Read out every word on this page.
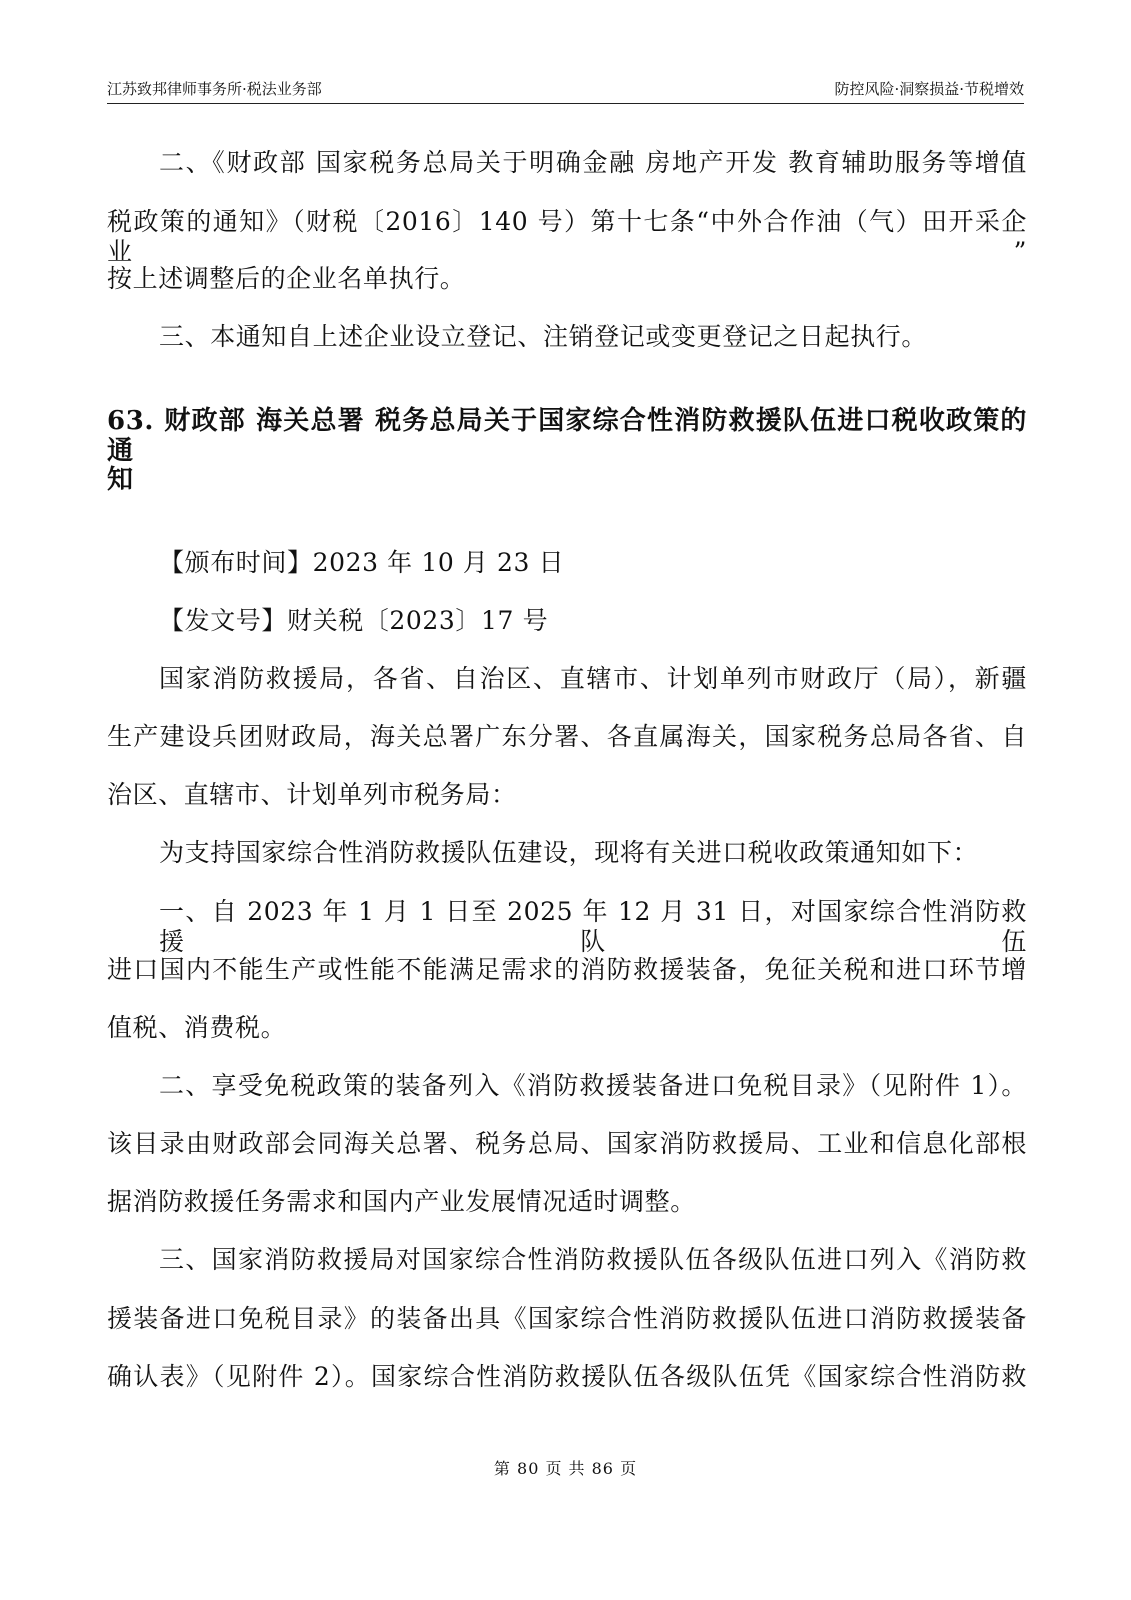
江苏致邦律师事务所·税法业务部	防控风险·洞察损益·节税增效
二、《财政部 国家税务总局关于明确金融 房地产开发 教育辅助服务等增值
税政策的通知》（财税〔2016〕140 号）第十七条“中外合作油（气）田开采企业”
按上述调整后的企业名单执行。
三、本通知自上述企业设立登记、注销登记或变更登记之日起执行。
63. 财政部 海关总署 税务总局关于国家综合性消防救援队伍进口税收政策的通
知
【颁布时间】2023 年 10 月 23 日
【发文号】财关税〔2023〕17 号
国家消防救援局，各省、自治区、直辖市、计划单列市财政厅（局），新疆
生产建设兵团财政局，海关总署广东分署、各直属海关，国家税务总局各省、自
治区、直辖市、计划单列市税务局：
为支持国家综合性消防救援队伍建设，现将有关进口税收政策通知如下：
一、自 2023 年 1 月 1 日至 2025 年 12 月 31 日，对国家综合性消防救援队伍
进口国内不能生产或性能不能满足需求的消防救援装备，免征关税和进口环节增
值税、消费税。
二、享受免税政策的装备列入《消防救援装备进口免税目录》（见附件 1）。
该目录由财政部会同海关总署、税务总局、国家消防救援局、工业和信息化部根
据消防救援任务需求和国内产业发展情况适时调整。
三、国家消防救援局对国家综合性消防救援队伍各级队伍进口列入《消防救
援装备进口免税目录》的装备出具《国家综合性消防救援队伍进口消防救援装备
确认表》（见附件 2）。国家综合性消防救援队伍各级队伍凭《国家综合性消防救
第 80 页 共 86 页
